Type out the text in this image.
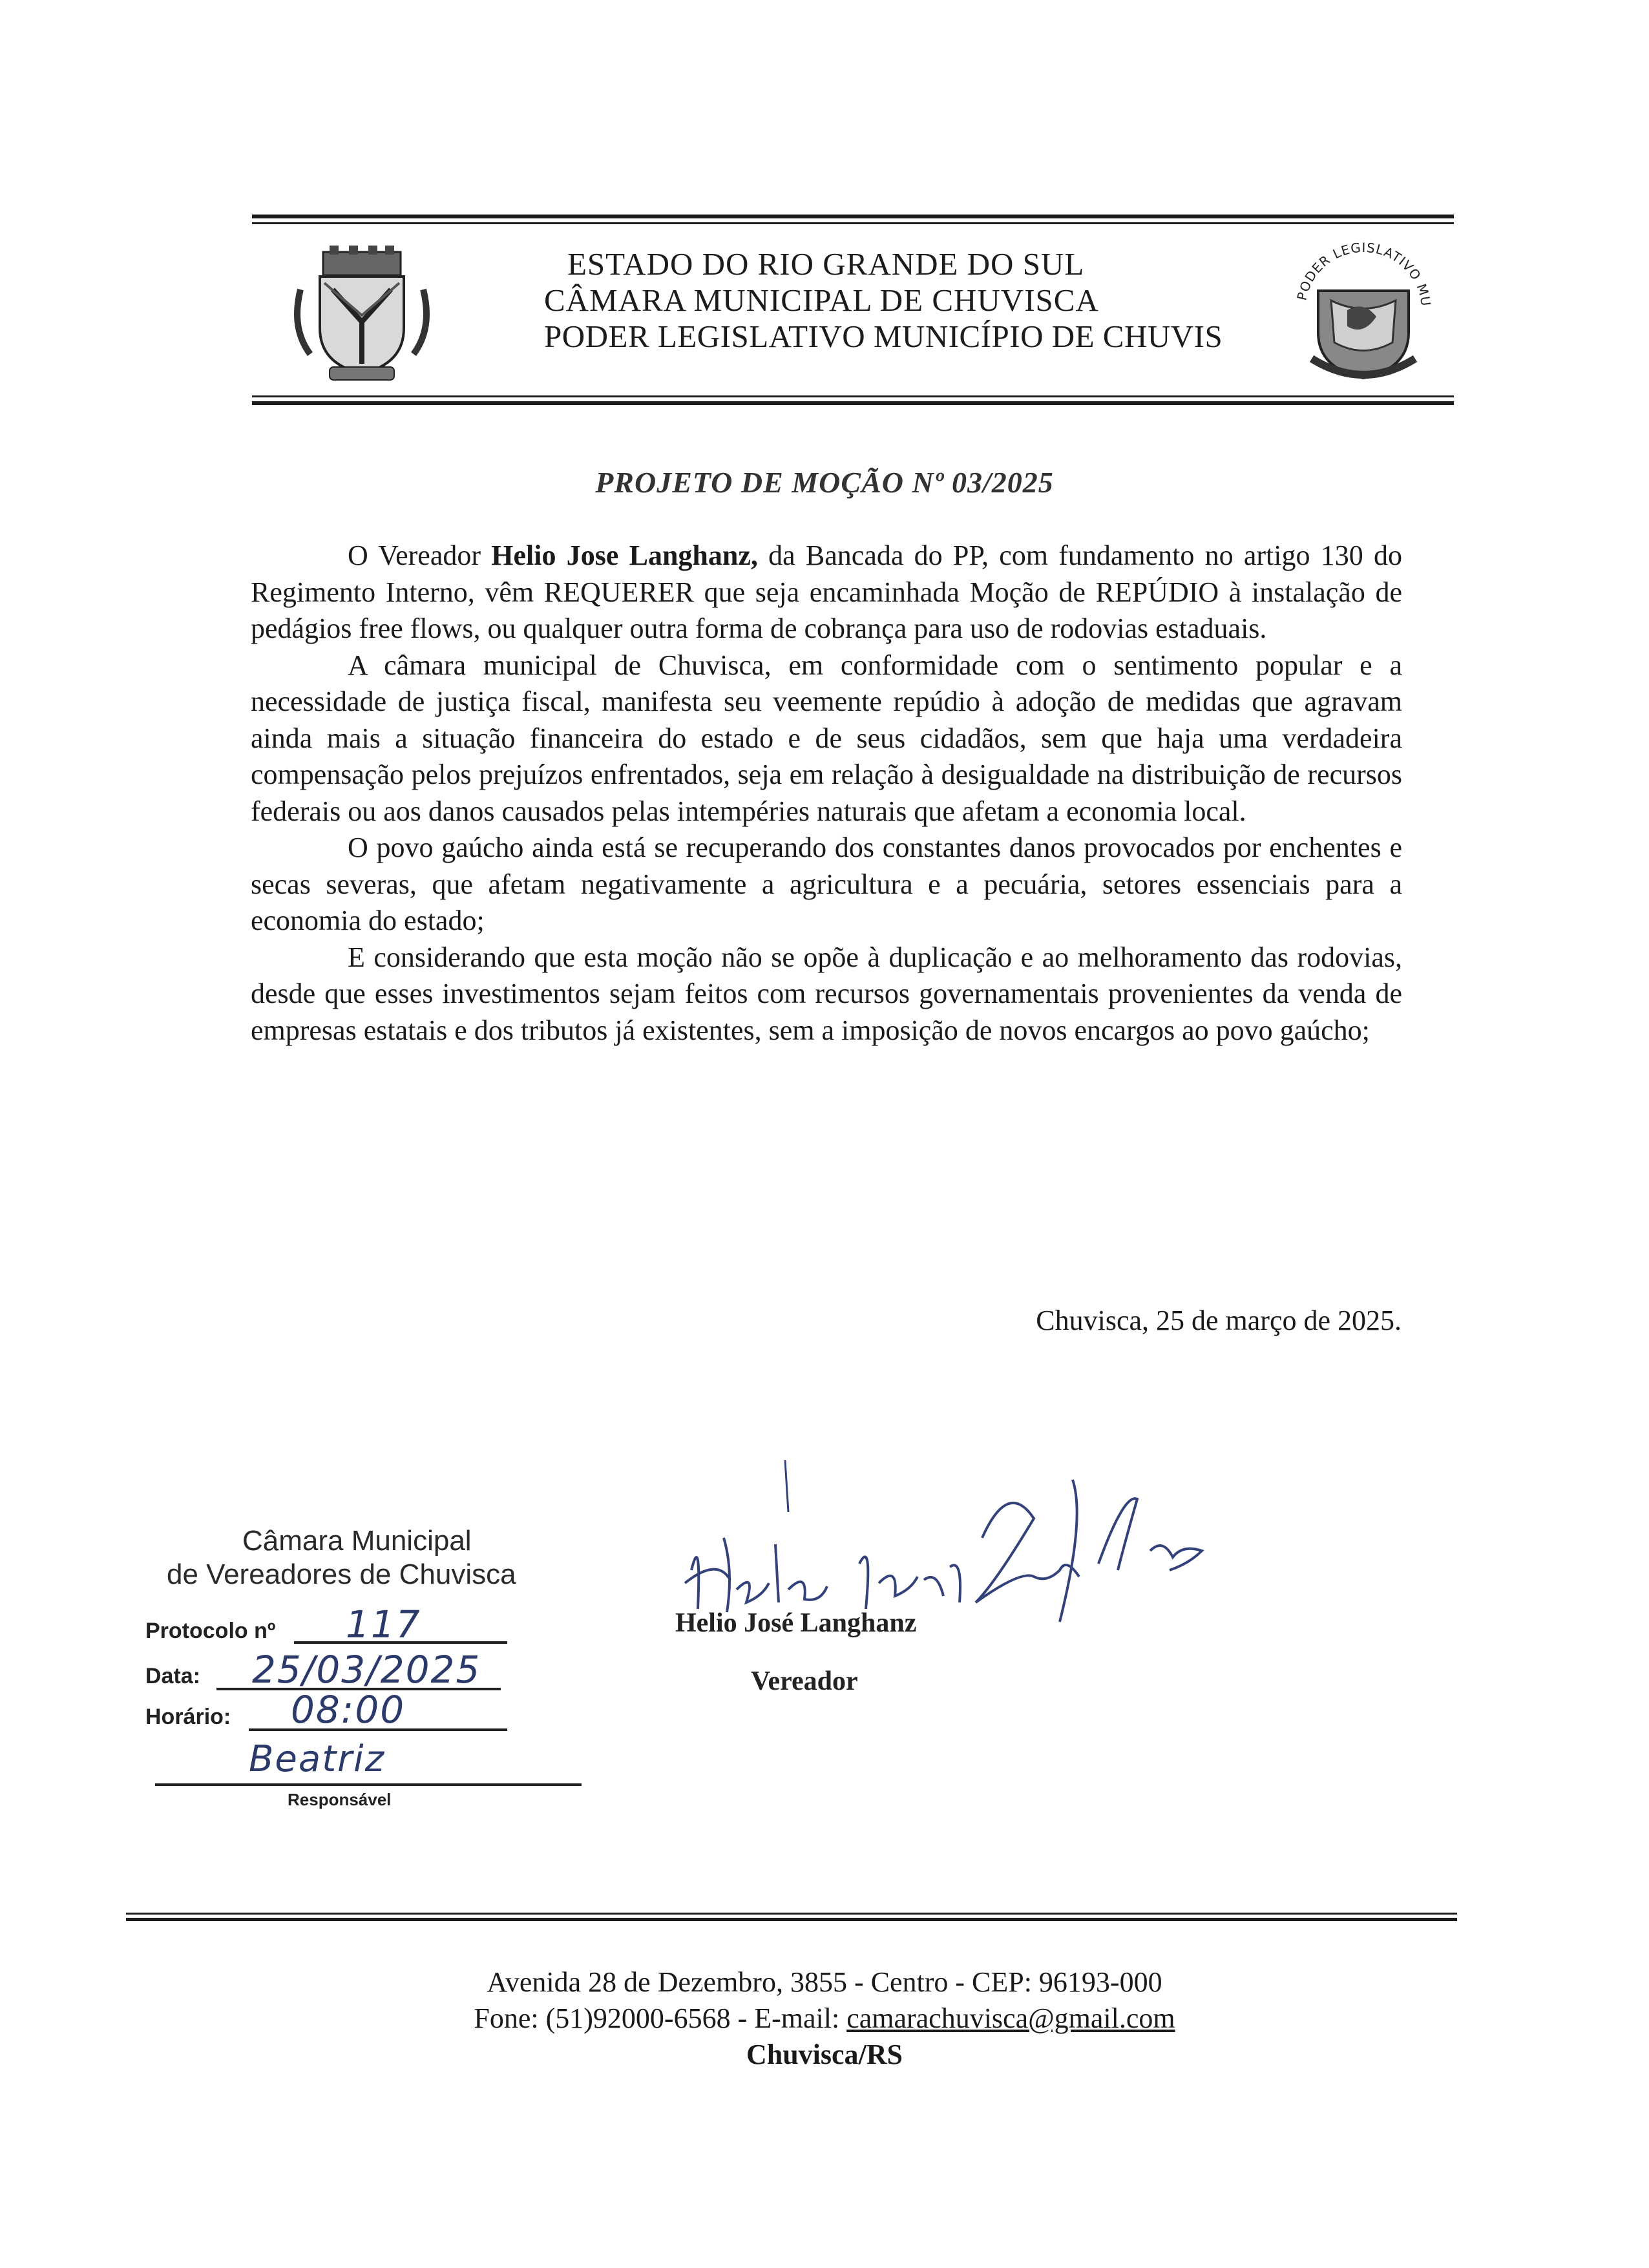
ESTADO DO RIO GRANDE DO SUL
CÂMARA MUNICIPAL DE CHUVISCA
PODER LEGISLATIVO MUNICÍPIO DE CHUVIS
PODER LEGISLATIVO MU
PROJETO DE MOÇÃO Nº 03/2025

O Vereador Helio Jose Langhanz, da Bancada do PP, com fundamento no artigo 130 do Regimento Interno, vêm REQUERER que seja encaminhada Moção de REPÚDIO à instalação de pedágios free flows, ou qualquer outra forma de cobrança para uso de rodovias estaduais.

A câmara municipal de Chuvisca, em conformidade com o sentimento popular e a necessidade de justiça fiscal, manifesta seu veemente repúdio à adoção de medidas que agravam ainda mais a situação financeira do estado e de seus cidadãos, sem que haja uma verdadeira compensação pelos prejuízos enfrentados, seja em relação à desigualdade na distribuição de recursos federais ou aos danos causados pelas intempéries naturais que afetam a economia local.

O povo gaúcho ainda está se recuperando dos constantes danos provocados por enchentes e secas severas, que afetam negativamente a agricultura e a pecuária, setores essenciais para a economia do estado;

E considerando que esta moção não se opõe à duplicação e ao melhoramento das rodovias, desde que esses investimentos sejam feitos com recursos governamentais provenientes da venda de empresas estatais e dos tributos já existentes, sem a imposição de novos encargos ao povo gaúcho;

Chuvisca, 25 de março de 2025.
Câmara Municipal
de Vereadores de Chuvisca
Protocolo nº 117
Data: 25/03/2025
Horário: 08:00
Beatriz
Responsável
Helio José Langhanz
Vereador
Avenida 28 de Dezembro, 3855 - Centro - CEP: 96193-000
Fone: (51)92000-6568 - E-mail: camarachuvisca@gmail.com
Chuvisca/RS
